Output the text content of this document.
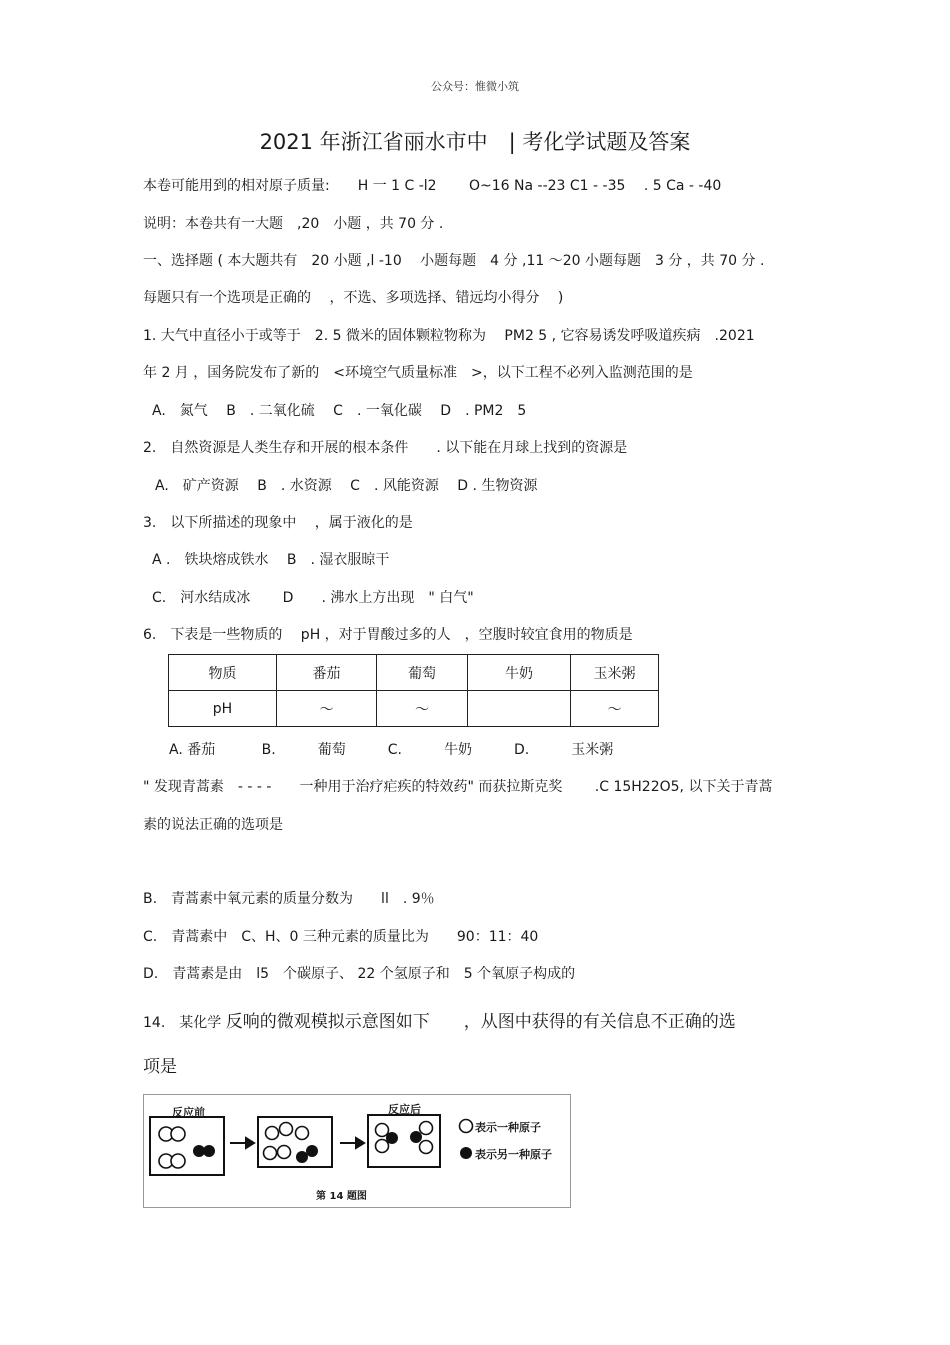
公众号：惟微小筑
2021 年浙江省丽水市中　| 考化学试题及答案
本卷可能用到的相对原子质量:　　H 一 1 C -l2　　 O~16 Na --23 C1 - -35　 . 5 Ca - -40
说明：本卷共有一大题　,20　小题 ，共 70 分 .
一、选择题 ( 本大题共有　20 小题 ,l -10　 小题每题　4 分 ,11 ～20 小题每题　3 分 ，共 70 分 .
每题只有一个选项是正确的　 ，不选、多项选择、错远均小得分　 )
1. 大气中直径小于或等于　2. 5 微米的固体颗粒物称为　 PM2 5 , 它容易诱发呼吸道疾病　.2021
年 2 月 ，国务院发布了新的　<环境空气质量标准　>，以下工程不必列入监测范围的是
A.　氮气　 B　. 二氧化硫　 C　. 一氧化碳　 D　. PM2　5
2.　自然资源是人类生存和开展的根本条件　　. 以下能在月球上找到的资源是
A.　矿产资源　 B　. 水资源　 C　. 风能资源　 D . 生物资源
3.　以下所描述的现象中　 ，属于液化的是
A .　铁块熔成铁水　 B　. 湿衣服晾干
C.　河水结成冰　　 D　　. 沸水上方出现　" 白气"
6.　下表是一些物质的　 pH ，对于胃酸过多的人　，空腹时较宜食用的物质是
物质	番茄	葡萄	牛奶	玉米粥
pH	～	～		～
A. 番茄　　　 B.　　　葡萄　　　C.　　　牛奶　　　D.　　　玉米粥
" 发现青蒿素　- - - -　　一种用于治疗疟疾的特效药" 而获拉斯克奖　　 .C 15H22O5, 以下关于青蒿
素的说法正确的选项是
B.　青蒿素中氧元素的质量分数为　　ll　. 9％
C.　青蒿素中　C、H、0 三种元素的质量比为　　90：11：40
D.　青蒿素是由　l5　个碳原子、 22 个氢原子和　5 个氧原子构成的
14.　某化学 反响的微观模拟示意图如下　　，从图中获得的有关信息不正确的选
项是
反应前	反应后
表示一种原子
表示另一种原子
第 14 题图
